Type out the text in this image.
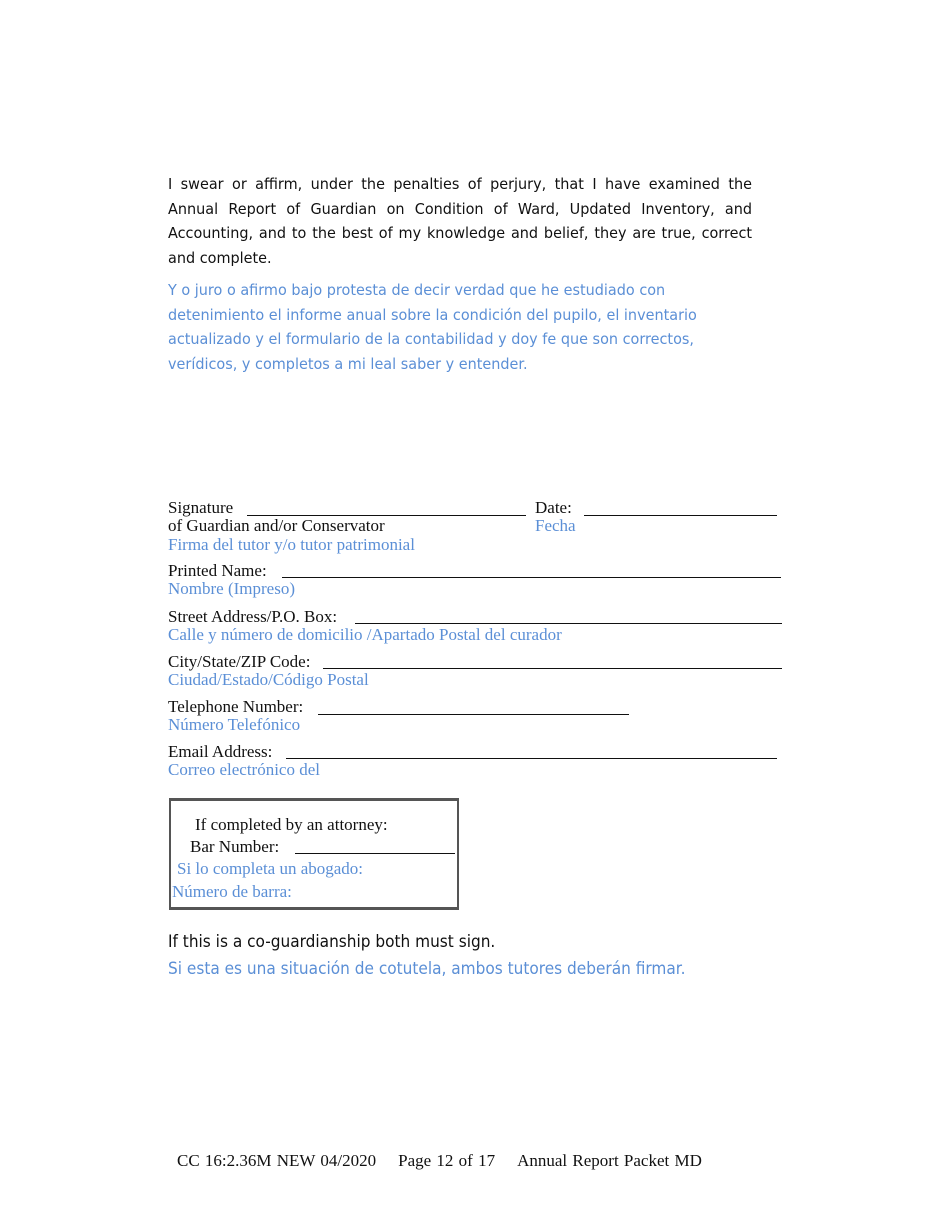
I swear or affirm, under the penalties of perjury, that I have examined the Annual Report of Guardian on Condition of Ward, Updated Inventory, and Accounting, and to the best of my knowledge and belief, they are true, correct and complete.
Y o juro o afirmo bajo protesta de decir verdad que he estudiado con detenimiento el informe anual sobre la condición del pupilo, el inventario actualizado y el formulario de la contabilidad y doy fe que son correctos, verídicos, y completos a mi leal saber y entender.
Signature
of Guardian and/or Conservator
Firma del tutor y/o tutor patrimonial
Date:
Fecha
Printed Name:
Nombre (Impreso)
Street Address/P.O. Box:
Calle y número de domicilio /Apartado Postal del curador
City/State/ZIP Code:
Ciudad/Estado/Código Postal
Telephone Number:
Número Telefónico
Email Address:
Correo electrónico del
If completed by an attorney:
Bar Number:
Si lo completa un abogado:
Número de barra:
If this is a co-guardianship both must sign.
Si esta es una situación de cotutela, ambos tutores deberán firmar.
CC 16:2.36M NEW 04/2020 Page 12 of 17 Annual Report Packet MD
